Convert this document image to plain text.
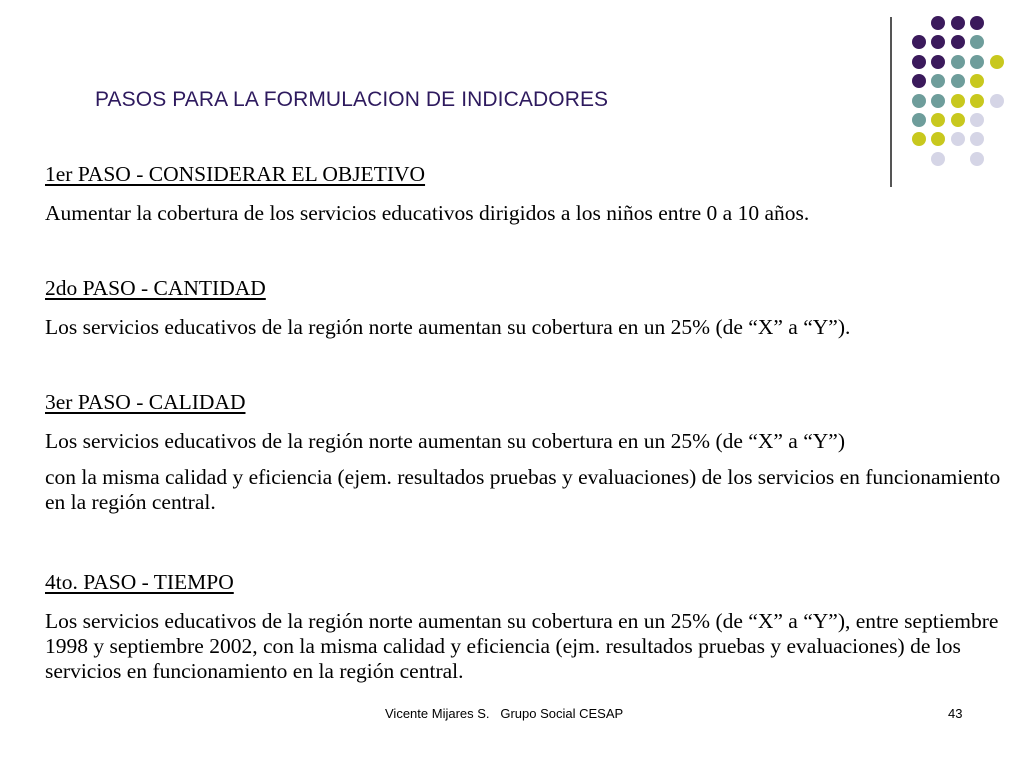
PASOS PARA LA FORMULACION DE INDICADORES

1er PASO - CONSIDERAR EL OBJETIVO

Aumentar la cobertura de los servicios educativos dirigidos a los niños entre 0 a 10 años.

2do PASO - CANTIDAD

Los servicios educativos de la región norte aumentan su cobertura en un 25% (de “X” a “Y”).

3er PASO - CALIDAD

Los servicios educativos de la región norte aumentan su cobertura en un 25% (de “X” a “Y”)

con la misma calidad y eficiencia (ejem. resultados pruebas y evaluaciones) de los servicios en funcionamiento en la región central.

4to. PASO - TIEMPO

Los servicios educativos de la región norte aumentan su cobertura en un 25% (de “X” a “Y”), entre septiembre 1998 y septiembre 2002, con la misma calidad y eficiencia (ejm. resultados pruebas y evaluaciones) de los servicios en funcionamiento en la región central.

Vicente Mijares S.   Grupo Social CESAP	43
